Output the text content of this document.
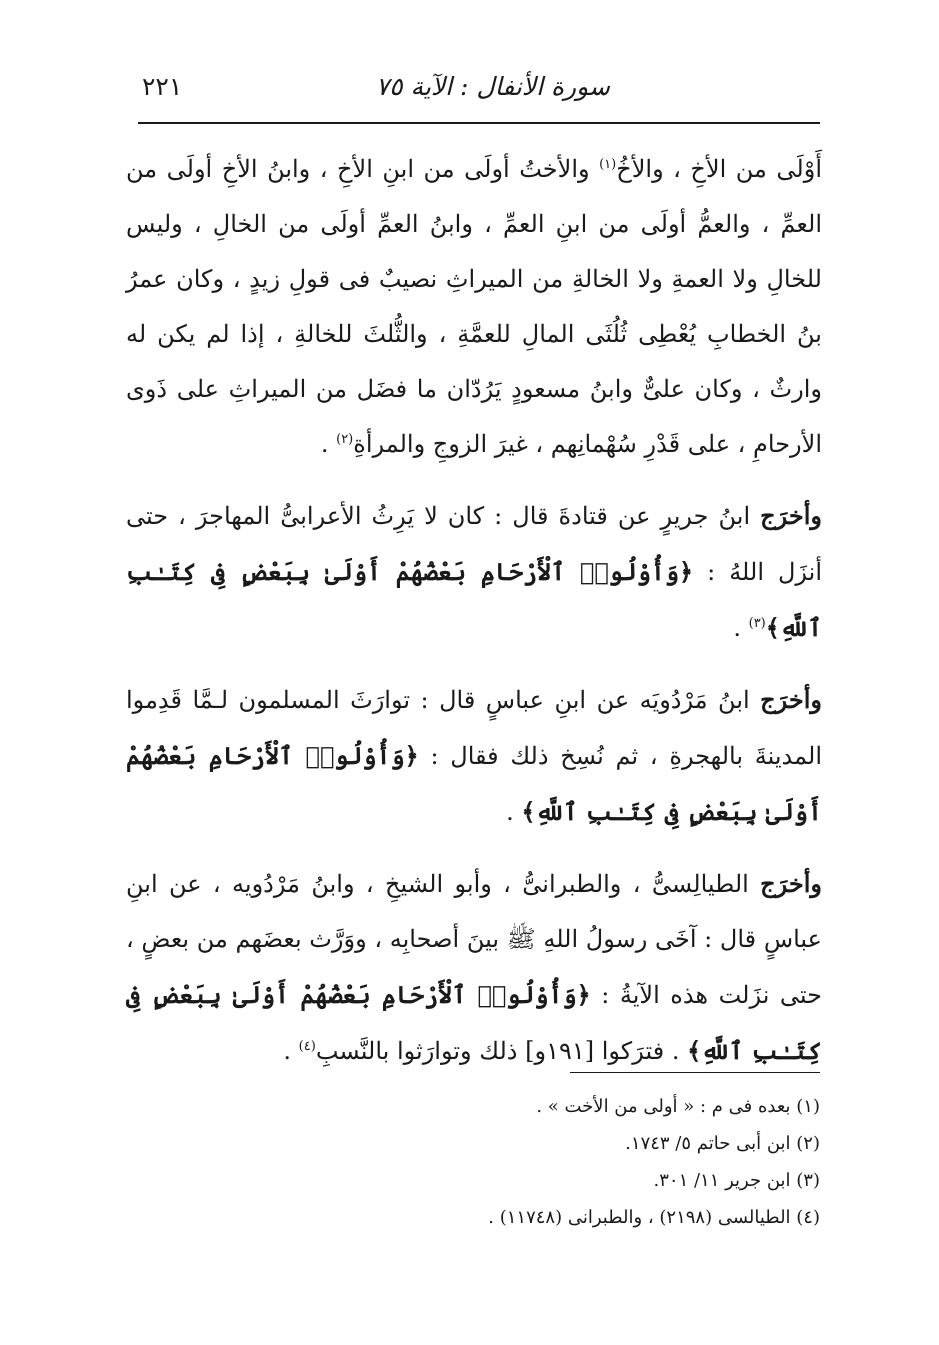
سورة الأنفال : الآية ٧٥
٢٢١

أَوْلَى من الأخِ ، والأخُ$^{(١)}$ والأختُ أولَى من ابنِ الأخِ ، وابنُ الأخِ أولَى من العمِّ ، والعمُّ أولَى من ابنِ العمِّ ، وابنُ العمِّ أولَى من الخالِ ، وليس للخالِ ولا العمةِ ولا الخالةِ من الميراثِ نصيبٌ فى قولِ زيدٍ ، وكان عمرُ بنُ الخطابِ يُعْطِى ثُلُثَى المالِ للعمَّةِ ، والثُّلثَ للخالةِ ، إذا لم يكن له وارثٌ ، وكان علىٌّ وابنُ مسعودٍ يَرُدّان ما فضَل من الميراثِ على ذَوى الأرحامِ ، على قَدْرِ سُهْمانِهم ، غيرَ الزوجِ والمرأةِ$^{(٢)}$ .

وأخرَج ابنُ جريرٍ عن قتادةَ قال : كان لا يَرِثُ الأعرابىُّ المهاجرَ ، حتى أنزَل اللهُ : ﴿وَأُوْلُوا۟ ٱلْأَرْحَامِ بَعْضُهُمْ أَوْلَىٰ بِبَعْضٍ فِى كِتَـٰبِ ٱللَّهِ﴾$^{(٣)}$ .

وأخرَج ابنُ مَرْدُويَه عن ابنِ عباسٍ قال : توارَثَ المسلمون لـمَّا قَدِموا المدينةَ بالهجرةِ ، ثم نُسِخ ذلك فقال : ﴿وَأُوْلُوا۟ ٱلْأَرْحَامِ بَعْضُهُمْ أَوْلَىٰ بِبَعْضٍ فِى كِتَـٰبِ ٱللَّهِ﴾ .

وأخرَج الطيالِسىُّ ، والطبرانىُّ ، وأبو الشيخِ ، وابنُ مَرْدُويه ، عن ابنِ عباسٍ قال : آخَى رسولُ اللهِ ﷺ بينَ أصحابِه ، ووَرَّث بعضَهم من بعضٍ ، حتى نزَلت هذه الآيةُ : ﴿وَأُوْلُوا۟ ٱلْأَرْحَامِ بَعْضُهُمْ أَوْلَىٰ بِبَعْضٍ فِى كِتَـٰبِ ٱللَّهِ﴾ . فترَكوا [١٩١و] ذلك وتوارَثوا بالنَّسبِ$^{(٤)}$ .

(١) بعده فى م : « أولى من الأخت » .
(٢) ابن أبى حاتم ٥/ ١٧٤٣.
(٣) ابن جرير ١١/ ٣٠١.
(٤) الطيالسى (٢١٩٨) ، والطبرانى (١١٧٤٨) .
